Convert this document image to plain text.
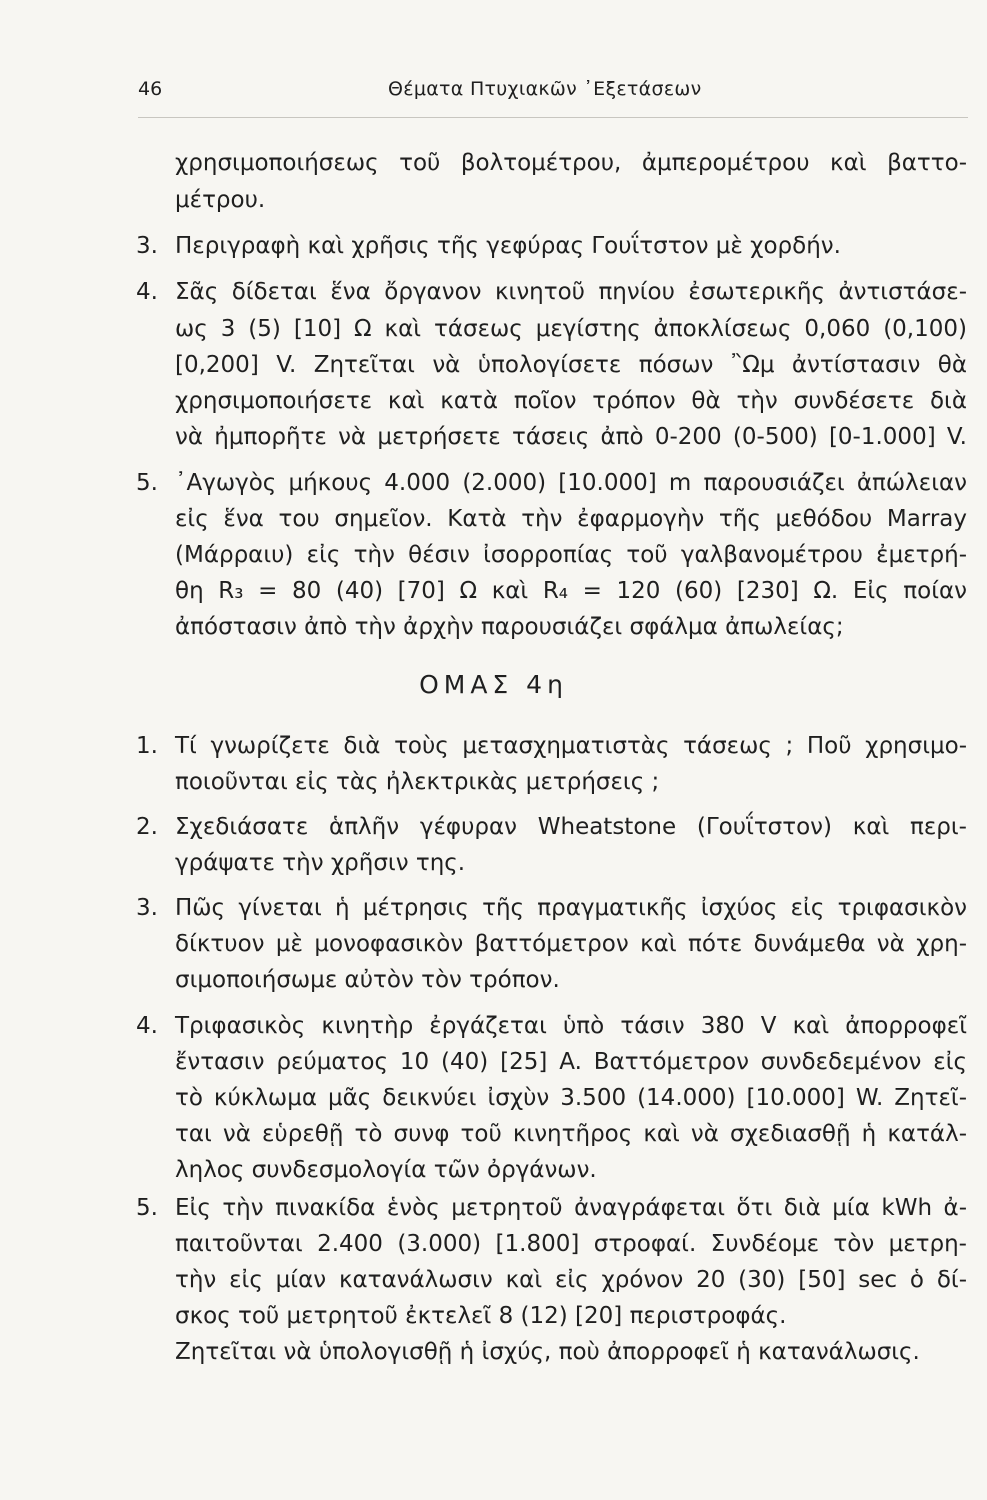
46	Θέματα Πτυχιακῶν ᾿Εξετάσεων
χρησιμοποιήσεως τοῦ βολτομέτρου, ἀμπερομέτρου καὶ βαττο-
μέτρου.
3. Περιγραφὴ καὶ χρῆσις τῆς γεφύρας Γουΐτστον μὲ χορδήν.
4. Σᾶς δίδεται ἕνα ὄργανον κινητοῦ πηνίου ἐσωτερικῆς ἀντιστάσε-
ως 3 (5) [10] Ω καὶ τάσεως μεγίστης ἀποκλίσεως 0,060 (0,100)
[0,200] V. Ζητεῖται νὰ ὑπολογίσετε πόσων ῍Ωμ ἀντίστασιν θὰ
χρησιμοποιήσετε καὶ κατὰ ποῖον τρόπον θὰ τὴν συνδέσετε διὰ
νὰ ἠμπορῆτε νὰ μετρήσετε τάσεις ἀπὸ 0-200 (0-500) [0-1.000] V.
5. ᾿Αγωγὸς μήκους 4.000 (2.000) [10.000] m παρουσιάζει ἀπώλειαν
εἰς ἕνα του σημεῖον. Κατὰ τὴν ἐφαρμογὴν τῆς μεθόδου Marray
(Μάρραιυ) εἰς τὴν θέσιν ἰσορροπίας τοῦ γαλβανομέτρου ἐμετρή-
θη R₃ = 80 (40) [70] Ω καὶ R₄ = 120 (60) [230] Ω. Εἰς ποίαν
ἀπόστασιν ἀπὸ τὴν ἀρχὴν παρουσιάζει σφάλμα ἀπωλείας;
ΟΜΑΣ 4η
1. Τί γνωρίζετε διὰ τοὺς μετασχηματιστὰς τάσεως ; Ποῦ χρησιμο-
ποιοῦνται εἰς τὰς ἠλεκτρικὰς μετρήσεις ;
2. Σχεδιάσατε ἁπλῆν γέφυραν Wheatstone (Γουΐτστον) καὶ περι-
γράψατε τὴν χρῆσιν της.
3. Πῶς γίνεται ἡ μέτρησις τῆς πραγματικῆς ἰσχύος εἰς τριφασικὸν
δίκτυον μὲ μονοφασικὸν βαττόμετρον καὶ πότε δυνάμεθα νὰ χρη-
σιμοποιήσωμε αὐτὸν τὸν τρόπον.
4. Τριφασικὸς κινητὴρ ἐργάζεται ὑπὸ τάσιν 380 V καὶ ἀπορροφεῖ
ἔντασιν ρεύματος 10 (40) [25] A. Βαττόμετρον συνδεδεμένον εἰς
τὸ κύκλωμα μᾶς δεικνύει ἰσχὺν 3.500 (14.000) [10.000] W. Ζητεῖ-
ται νὰ εὑρεθῇ τὸ συνφ τοῦ κινητῆρος καὶ νὰ σχεδιασθῇ ἡ κατάλ-
ληλος συνδεσμολογία τῶν ὀργάνων.
5. Εἰς τὴν πινακίδα ἑνὸς μετρητοῦ ἀναγράφεται ὅτι διὰ μία kWh ἀ-
παιτοῦνται 2.400 (3.000) [1.800] στροφαί. Συνδέομε τὸν μετρη-
τὴν εἰς μίαν κατανάλωσιν καὶ εἰς χρόνον 20 (30) [50] sec ὁ δί-
σκος τοῦ μετρητοῦ ἐκτελεῖ 8 (12) [20] περιστροφάς.
Ζητεῖται νὰ ὑπολογισθῇ ἡ ἰσχύς, ποὺ ἀπορροφεῖ ἡ κατανάλωσις.
